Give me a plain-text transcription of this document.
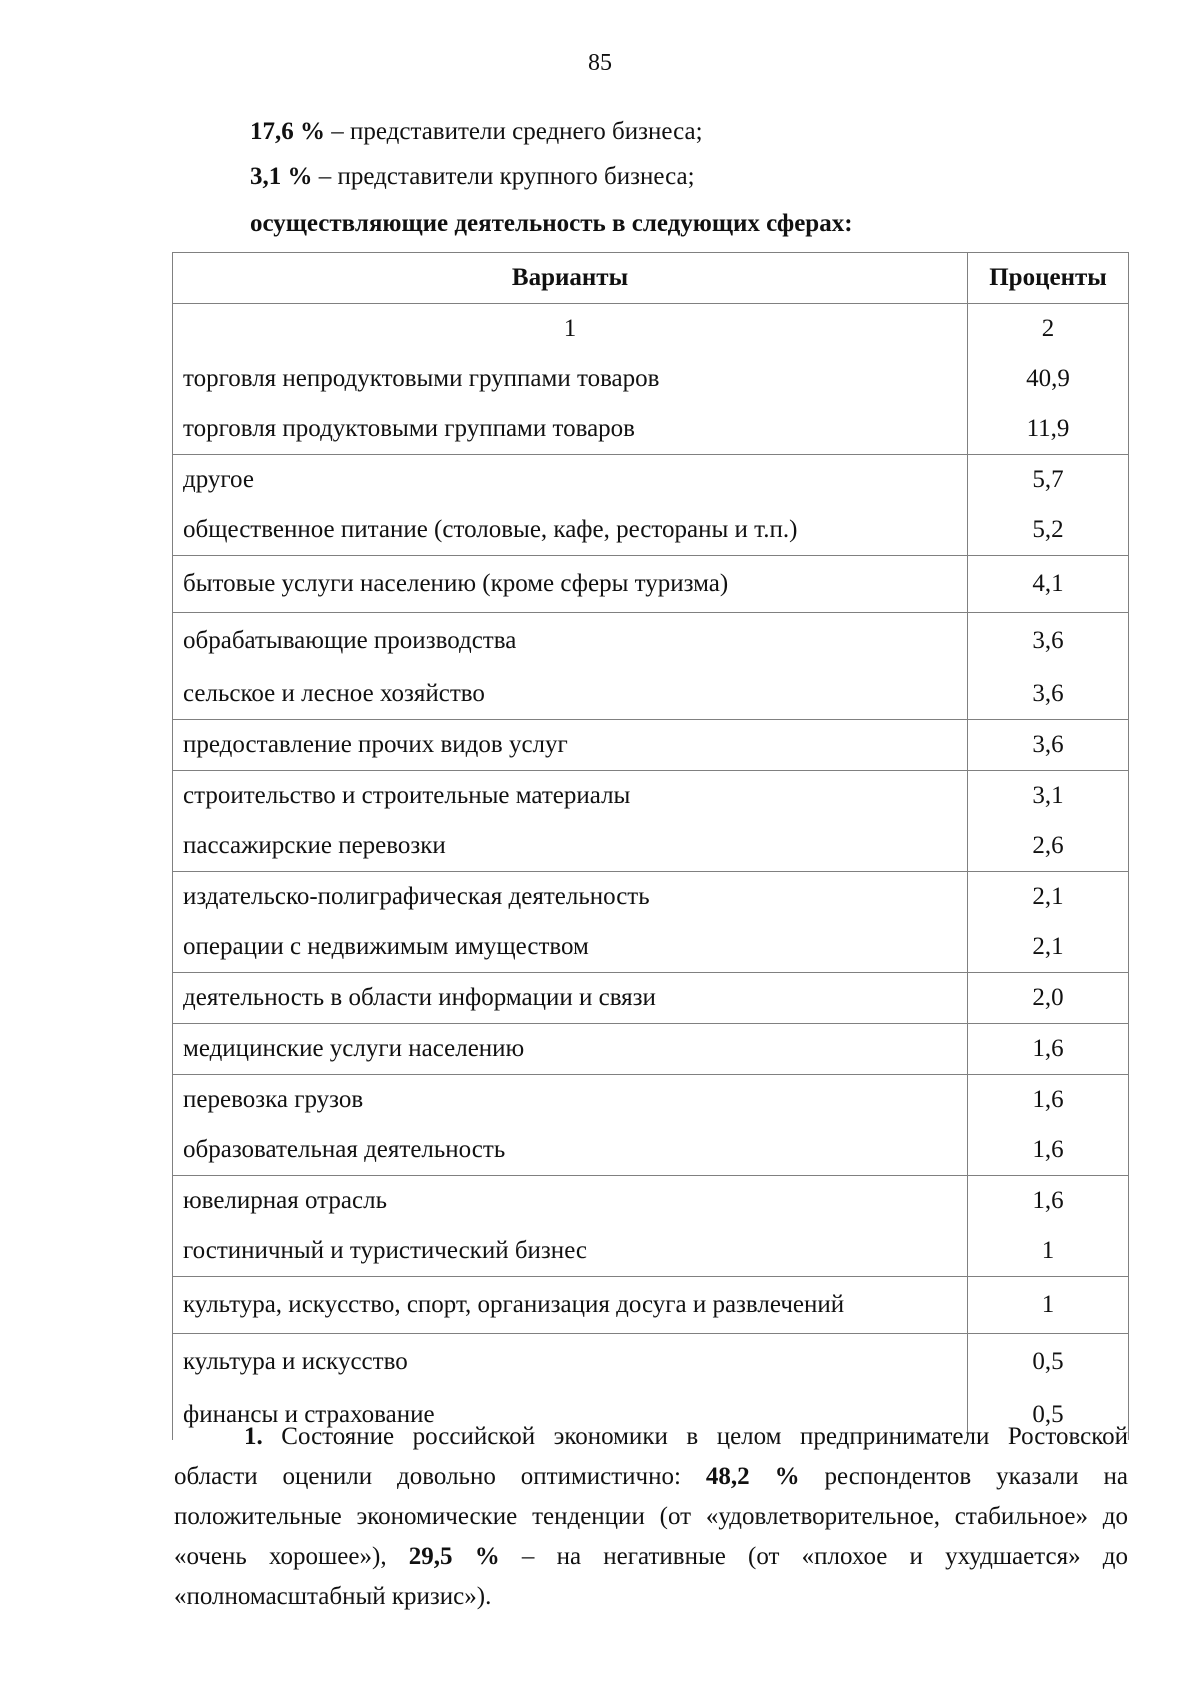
85
17,6 % – представители среднего бизнеса;
3,1 % – представители крупного бизнеса;
осуществляющие деятельность в следующих сферах:
Варианты	Проценты
1	2
торговля непродуктовыми группами товаров	40,9
торговля продуктовыми группами товаров	11,9
другое	5,7
общественное питание (столовые, кафе, рестораны и т.п.)	5,2
бытовые услуги населению (кроме сферы туризма)	4,1
обрабатывающие производства	3,6
сельское и лесное хозяйство	3,6
предоставление прочих видов услуг	3,6
строительство и строительные материалы	3,1
пассажирские перевозки	2,6
издательско-полиграфическая деятельность	2,1
операции с недвижимым имуществом	2,1
деятельность в области информации и связи	2,0
медицинские услуги населению	1,6
перевозка грузов	1,6
образовательная деятельность	1,6
ювелирная отрасль	1,6
гостиничный и туристический бизнес	1
культура, искусство, спорт, организация досуга и развлечений	1
культура и искусство	0,5
финансы и страхование	0,5
1. Состояние российской экономики в целом предприниматели Ростовской области оценили довольно оптимистично: 48,2 % респондентов указали на положительные экономические тенденции (от «удовлетворительное, стабильное» до «очень хорошее»), 29,5 % – на негативные (от «плохое и ухудшается» до «полномасштабный кризис»).
